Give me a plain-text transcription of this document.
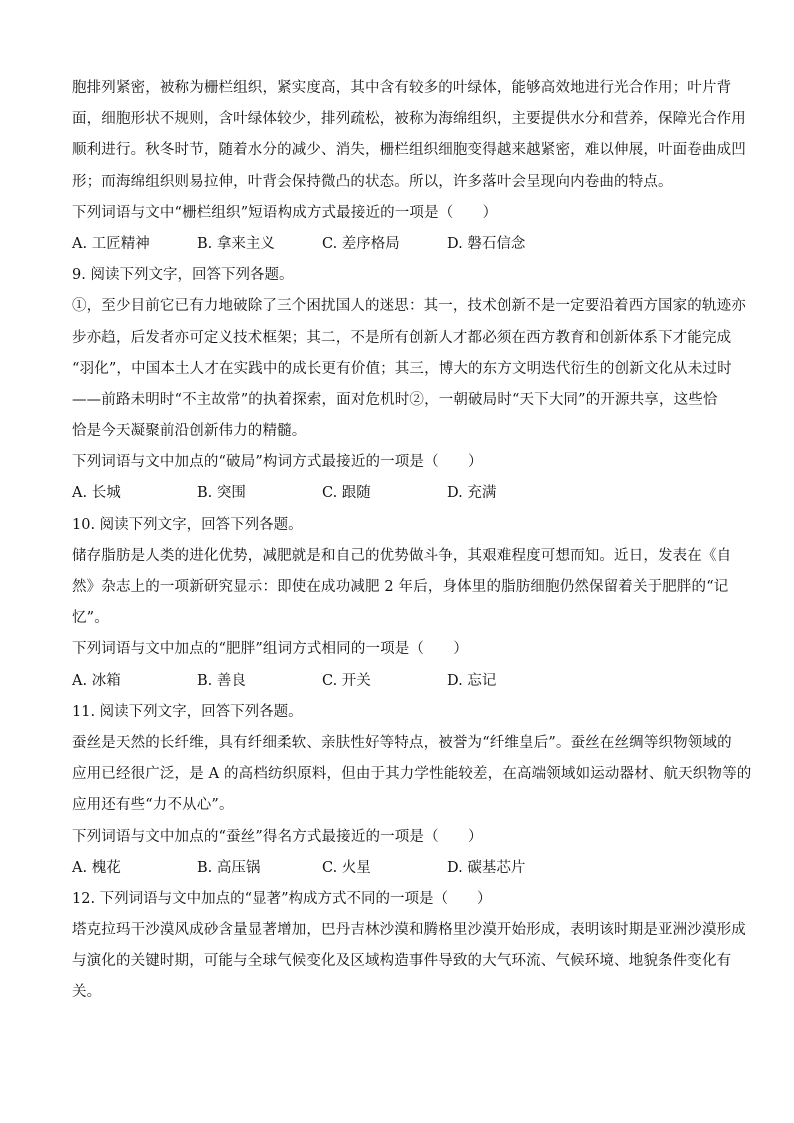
胞排列紧密，被称为栅栏组织，紧实度高，其中含有较多的叶绿体，能够高效地进行光合作用；叶片背
面，细胞形状不规则，含叶绿体较少，排列疏松，被称为海绵组织，主要提供水分和营养，保障光合作用
顺利进行。秋冬时节，随着水分的减少、消失，栅栏组织细胞变得越来越紧密，难以伸展，叶面卷曲成凹
形；而海绵组织则易拉伸，叶背会保持微凸的状态。所以，许多落叶会呈现向内卷曲的特点。
下列词语与文中“栅栏组织”短语构成方式最接近的一项是（　　）
A. 工匠精神	B. 拿来主义	C. 差序格局	D. 磐石信念
9. 阅读下列文字，回答下列各题。
①，至少目前它已有力地破除了三个困扰国人的迷思：其一，技术创新不是一定要沿着西方国家的轨迹亦
步亦趋，后发者亦可定义技术框架；其二，不是所有创新人才都必须在西方教育和创新体系下才能完成
“羽化”，中国本土人才在实践中的成长更有价值；其三，博大的东方文明迭代衍生的创新文化从未过时
——前路未明时“不主故常”的执着探索，面对危机时②，一朝破局时“天下大同”的开源共享，这些恰
恰是今天凝聚前沿创新伟力的精髓。
下列词语与文中加点的“破局”构词方式最接近的一项是（　　）
A. 长城	B. 突围	C. 跟随	D. 充满
10. 阅读下列文字，回答下列各题。
储存脂肪是人类的进化优势，减肥就是和自己的优势做斗争，其艰难程度可想而知。近日，发表在《自
然》杂志上的一项新研究显示：即使在成功减肥 2 年后，身体里的脂肪细胞仍然保留着关于肥胖的“记
忆”。
下列词语与文中加点的“肥胖”组词方式相同的一项是（　　）
A. 冰箱	B. 善良	C. 开关	D. 忘记
11. 阅读下列文字，回答下列各题。
蚕丝是天然的长纤维，具有纤细柔软、亲肤性好等特点，被誉为“纤维皇后”。蚕丝在丝绸等织物领域的
应用已经很广泛，是 A 的高档纺织原料，但由于其力学性能较差，在高端领域如运动器材、航天织物等的
应用还有些“力不从心”。
下列词语与文中加点的“蚕丝”得名方式最接近的一项是（　　）
A. 槐花	B. 高压锅	C. 火星	D. 碳基芯片
12. 下列词语与文中加点的“显著”构成方式不同的一项是（　　）
塔克拉玛干沙漠风成砂含量显著增加，巴丹吉林沙漠和腾格里沙漠开始形成，表明该时期是亚洲沙漠形成
与演化的关键时期，可能与全球气候变化及区域构造事件导致的大气环流、气候环境、地貌条件变化有
关。
